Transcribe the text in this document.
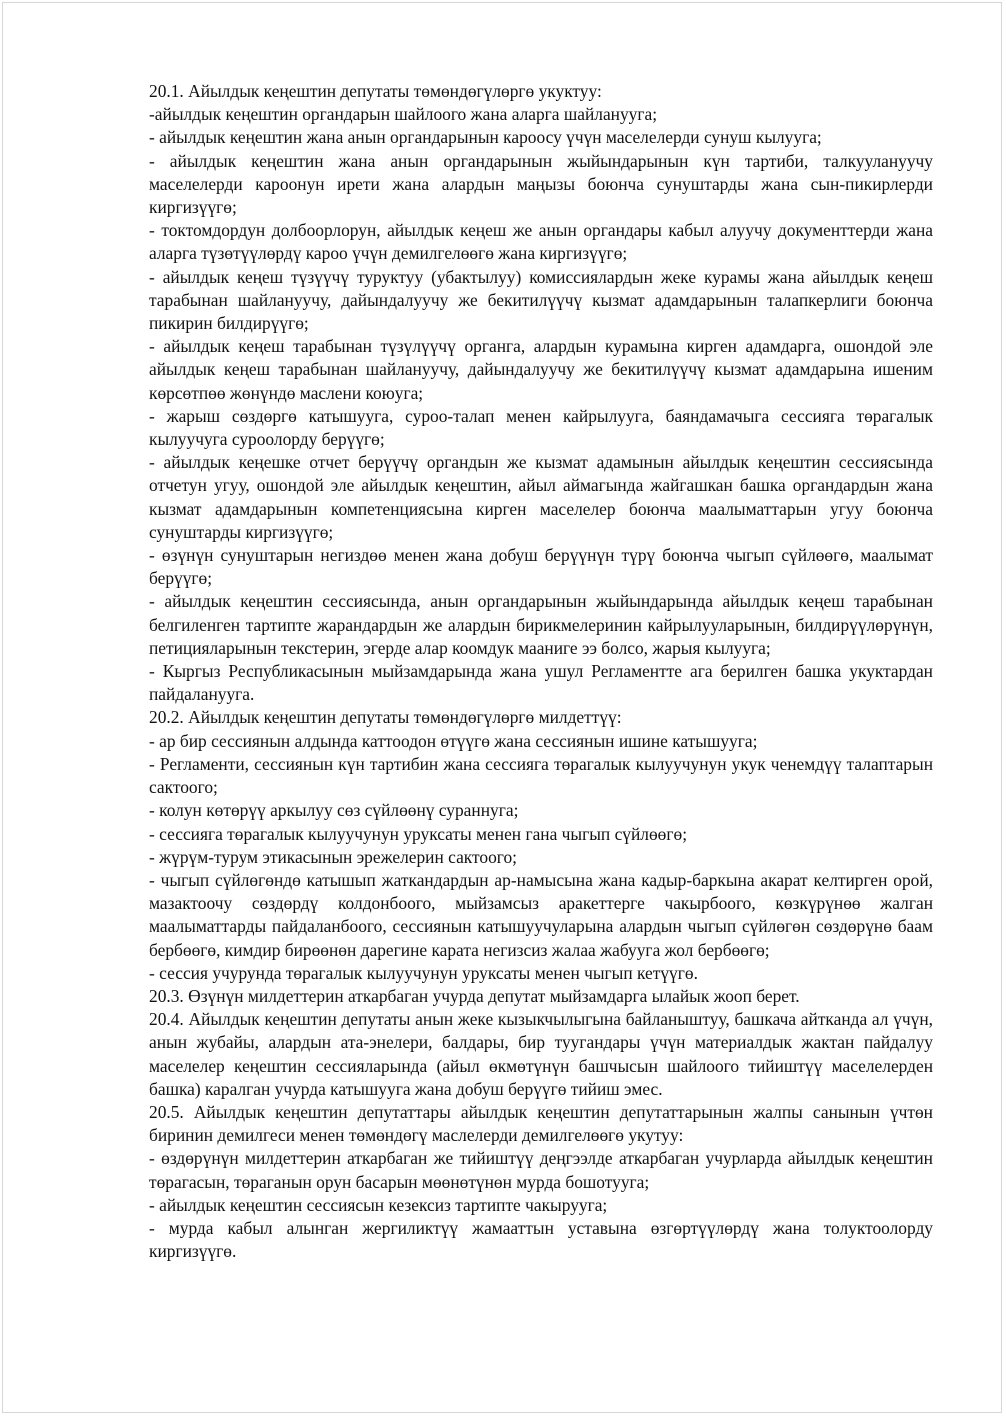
20.1. Айылдык кеңештин депутаты төмөндөгүлөргө укуктуу:

-айылдык кеңештин органдарын шайлоого жана аларга шайланууга;

- айылдык кеңештин жана анын органдарынын кароосу үчүн маселелерди сунуш кылууга;

- айылдык кеңештин жана анын органдарынын жыйындарынын күн тартиби, талкуулануучу маселелерди кароонун ирети жана алардын маңызы боюнча сунуштарды жана сын-пикирлерди киргизүүгө;

- токтомдордун долбоорлорун, айылдык кеңеш же анын органдары кабыл алуучу документтерди жана аларга түзөтүүлөрдү кароо үчүн демилгелөөгө жана киргизүүгө;

- айылдык кеңеш түзүүчү туруктуу (убактылуу) комиссиялардын жеке курамы жана айылдык кеңеш тарабынан шайлануучу, дайындалуучу же бекитилүүчү кызмат адамдарынын талапкерлиги боюнча пикирин билдирүүгө;

- айылдык кеңеш тарабынан түзүлүүчү органга, алардын курамына кирген адамдарга, ошондой эле айылдык кеңеш тарабынан шайлануучу, дайындалуучу же бекитилүүчү кызмат адамдарына ишеним көрсөтпөө жөнүндө маслени коюуга;

- жарыш сөздөргө катышууга, суроо-талап менен кайрылууга, баяндамачыга сессияга төрагалык кылуучуга суроолорду берүүгө;

- айылдык кеңешке отчет берүүчү органдын же кызмат адамынын айылдык кеңештин сессиясында отчетун угуу, ошондой эле айылдык кеңештин, айыл аймагында жайгашкан башка органдардын жана кызмат адамдарынын компетенциясына кирген маселелер боюнча маалыматтарын угуу боюнча сунуштарды киргизүүгө;

- өзүнүн сунуштарын негиздөө менен жана добуш берүүнүн түрү боюнча чыгып сүйлөөгө, маалымат берүүгө;

- айылдык кеңештин сессиясында, анын органдарынын жыйындарында айылдык кеңеш тарабынан белгиленген тартипте жарандардын же алардын бирикмелеринин кайрылууларынын, билдирүүлөрүнүн, петицияларынын текстерин, эгерде алар коомдук мааниге ээ болсо, жарыя кылууга;

- Кыргыз Республикасынын мыйзамдарында жана ушул Регламентте ага берилген башка укуктардан пайдаланууга.

20.2. Айылдык кеңештин депутаты төмөндөгүлөргө милдеттүү:

- ар бир сессиянын алдында каттоодон өтүүгө жана сессиянын ишине катышууга;

- Регламенти, сессиянын күн тартибин жана сессияга төрагалык кылуучунун укук ченемдүү талаптарын сактоого;

- колун көтөрүү аркылуу сөз сүйлөөнү сураннуга;

- сессияга төрагалык кылуучунун уруксаты менен гана чыгып сүйлөөгө;

- жүрүм-турум этикасынын эрежелерин сактоого;

- чыгып сүйлөгөндө катышып жаткандардын ар-намысына жана кадыр-баркына акарат келтирген орой, мазактоочу сөздөрдү колдонбоого, мыйзамсыз аракеттерге чакырбоого, көзкүрүнөө жалган маалыматтарды пайдаланбоого, сессиянын катышуучуларына алардын чыгып сүйлөгөн сөздөрүнө баам бербөөгө, кимдир бирөөнөн дарегине карата негизсиз жалаа жабууга жол бербөөгө;

- сессия учурунда төрагалык кылуучунун уруксаты менен чыгып кетүүгө.

20.3. Өзүнүн милдеттерин аткарбаган учурда депутат мыйзамдарга ылайык жооп берет.

20.4. Айылдык кеңештин депутаты анын жеке кызыкчылыгына байланыштуу, башкача айтканда ал үчүн, анын жубайы, алардын ата-энелери, балдары, бир туугандары үчүн материалдык жактан пайдалуу маселелер кеңештин сессияларында (айыл өкмөтүнүн башчысын шайлоого тийиштүү маселелерден башка) каралган учурда катышууга жана добуш берүүгө тийиш эмес.

20.5. Айылдык кеңештин депутаттары айылдык кеңештин депутаттарынын жалпы санынын үчтөн биринин демилгеси менен төмөндөгү маслелерди демилгелөөгө укутуу:

- өздөрүнүн милдеттерин аткарбаган же тийиштүү деңгээлде аткарбаган учурларда айылдык кеңештин төрагасын, төраганын орун басарын мөөнөтүнөн мурда бошотууга;

- айылдык кеңештин сессиясын кезексиз тартипте чакырууга;

- мурда кабыл алынган жергиликтүү жамааттын уставына өзгөртүүлөрдү жана толуктоолорду киргизүүгө.
